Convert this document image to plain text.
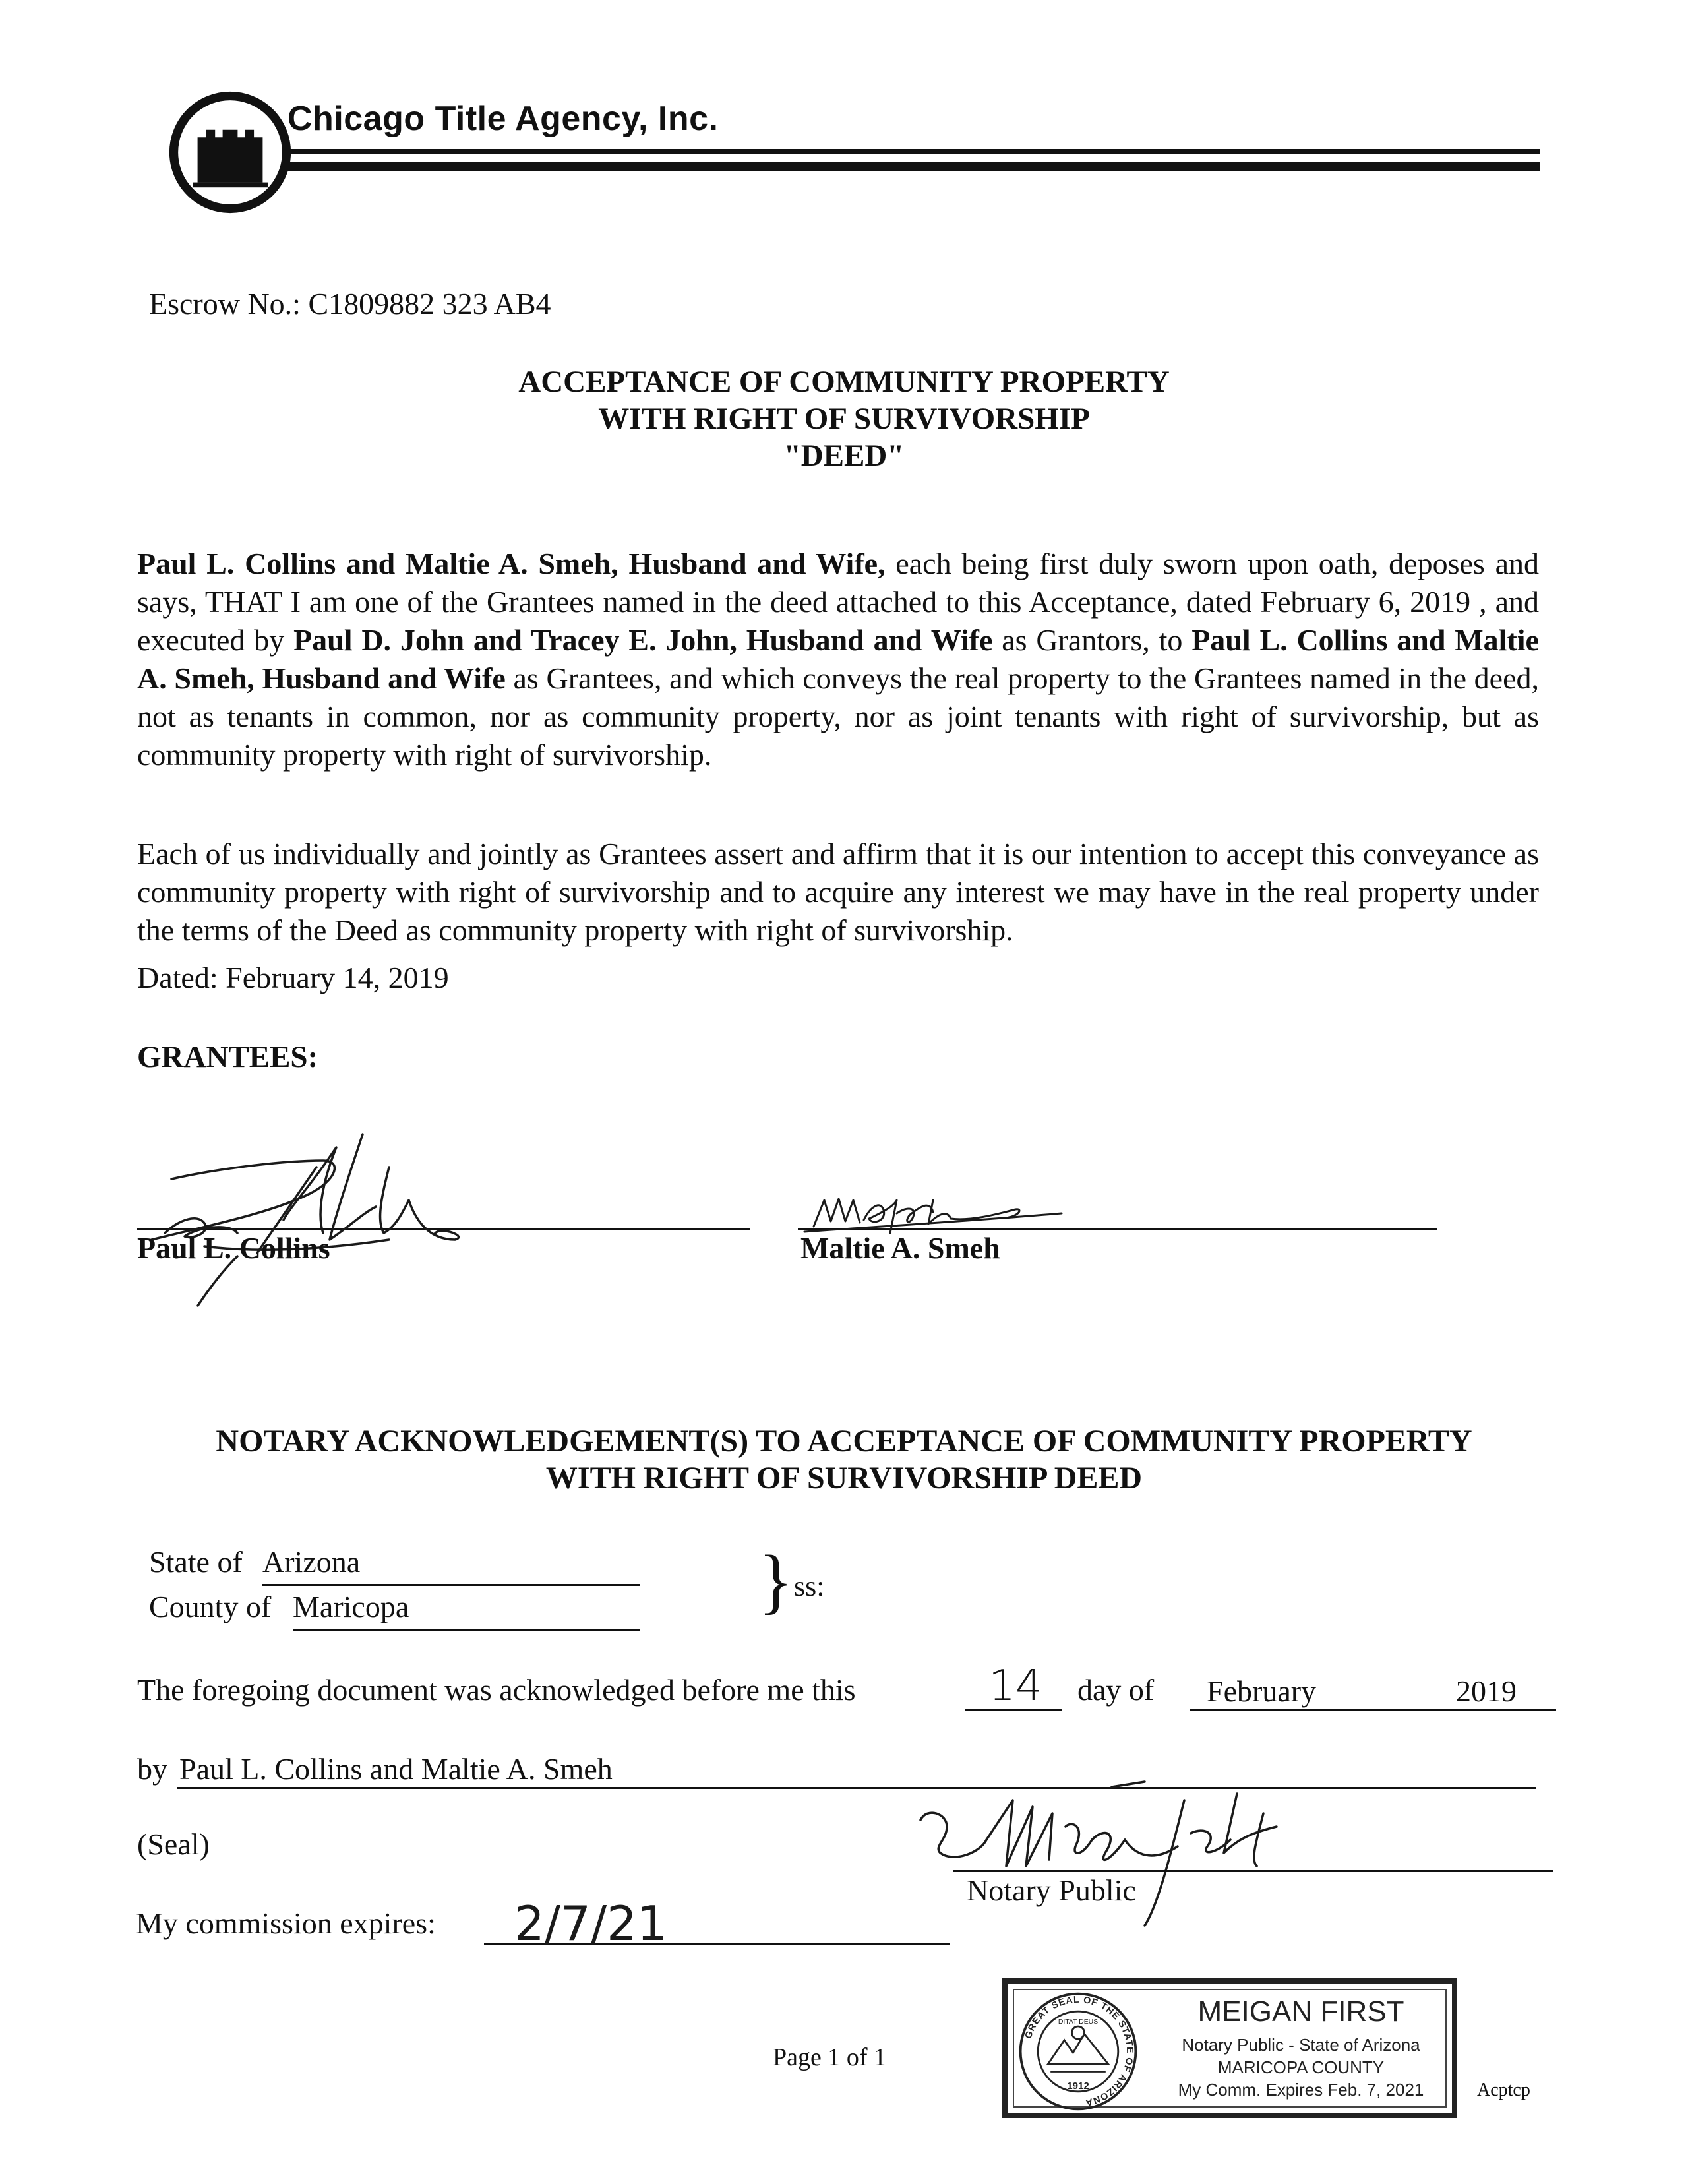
Chicago Title Agency, Inc.
Escrow No.: C1809882 323 AB4
ACCEPTANCE OF COMMUNITY PROPERTY
WITH RIGHT OF SURVIVORSHIP
"DEED"
Paul L. Collins and Maltie A. Smeh, Husband and Wife, each being first duly sworn upon oath, deposes and says, THAT I am one of the Grantees named in the deed attached to this Acceptance, dated February 6, 2019 , and executed by Paul D. John and Tracey E. John, Husband and Wife as Grantors, to Paul L. Collins and Maltie A. Smeh, Husband and Wife as Grantees, and which conveys the real property to the Grantees named in the deed, not as tenants in common, nor as community property, nor as joint tenants with right of survivorship, but as community property with right of survivorship.
Each of us individually and jointly as Grantees assert and affirm that it is our intention to accept this conveyance as community property with right of survivorship and to acquire any interest we may have in the real property under the terms of the Deed as community property with right of survivorship.
Dated: February 14, 2019
GRANTEES:
Paul L. Collins	Maltie A. Smeh
NOTARY ACKNOWLEDGEMENT(S) TO ACCEPTANCE OF COMMUNITY PROPERTY
WITH RIGHT OF SURVIVORSHIP DEED
State of Arizona
County of Maricopa	} ss:
The foregoing document was acknowledged before me this	14	day of February	2019
by Paul L. Collins and Maltie A. Smeh
(Seal)
Notary Public
My commission expires: 2/7/21
Page 1 of 1
Acptcp
GREAT SEAL OF THE STATE OF ARIZONA
DITAT DEUS
1912
MEIGAN FIRST
Notary Public - State of Arizona
MARICOPA COUNTY
My Comm. Expires Feb. 7, 2021
